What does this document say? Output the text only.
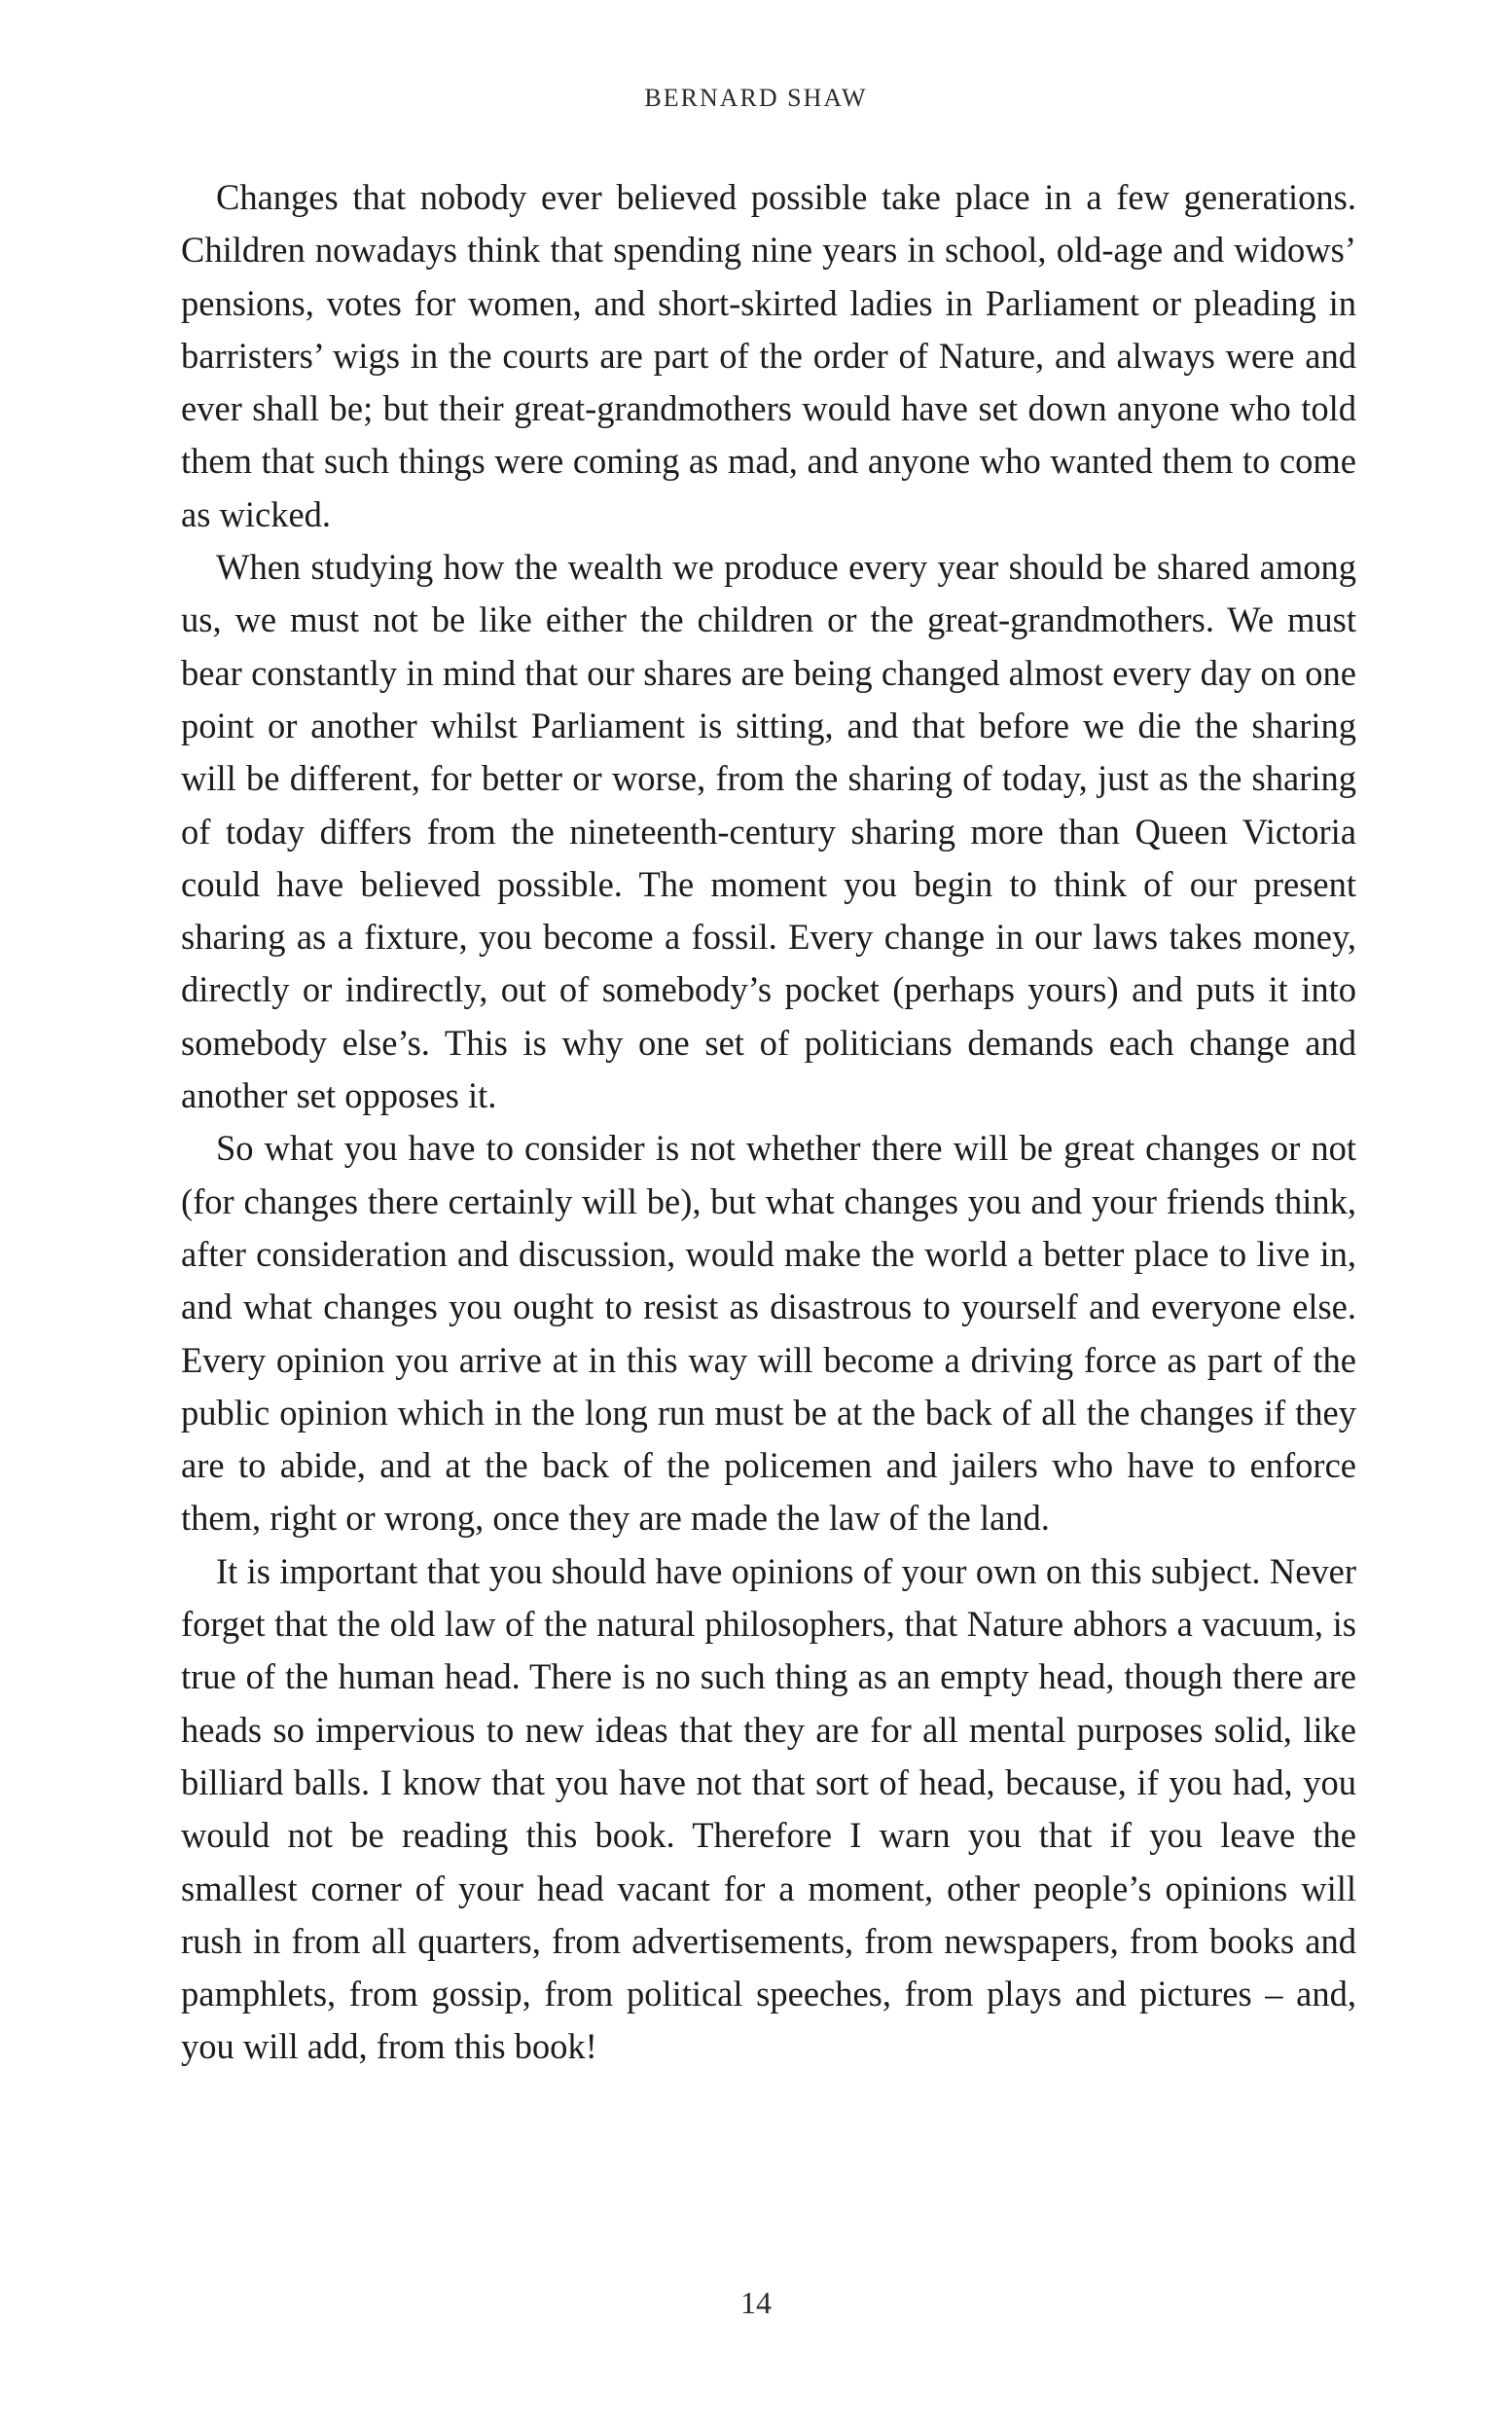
BERNARD SHAW

Changes that nobody ever believed possible take place in a few generations. Children nowadays think that spending nine years in school, old-age and widows’ pensions, votes for women, and short-skirted ladies in Parliament or pleading in barristers’ wigs in the courts are part of the order of Nature, and always were and ever shall be; but their great-grandmothers would have set down anyone who told them that such things were coming as mad, and anyone who wanted them to come as wicked.

When studying how the wealth we produce every year should be shared among us, we must not be like either the children or the great-grandmothers. We must bear constantly in mind that our shares are being changed almost every day on one point or another whilst Parliament is sitting, and that before we die the sharing will be different, for better or worse, from the sharing of today, just as the sharing of today differs from the nineteenth-century sharing more than Queen Victoria could have believed possible. The moment you begin to think of our present sharing as a fixture, you become a fossil. Every change in our laws takes money, directly or indirectly, out of somebody’s pocket (perhaps yours) and puts it into somebody else’s. This is why one set of politicians demands each change and another set opposes it.

So what you have to consider is not whether there will be great changes or not (for changes there certainly will be), but what changes you and your friends think, after consideration and discussion, would make the world a better place to live in, and what changes you ought to resist as disastrous to yourself and everyone else. Every opinion you arrive at in this way will become a driving force as part of the public opinion which in the long run must be at the back of all the changes if they are to abide, and at the back of the policemen and jailers who have to enforce them, right or wrong, once they are made the law of the land.

It is important that you should have opinions of your own on this subject. Never forget that the old law of the natural philosophers, that Nature abhors a vacuum, is true of the human head. There is no such thing as an empty head, though there are heads so impervious to new ideas that they are for all mental purposes solid, like billiard balls. I know that you have not that sort of head, because, if you had, you would not be reading this book. Therefore I warn you that if you leave the smallest corner of your head vacant for a moment, other people’s opinions will rush in from all quarters, from advertisements, from newspapers, from books and pamphlets, from gossip, from political speeches, from plays and pictures – and, you will add, from this book!

14
